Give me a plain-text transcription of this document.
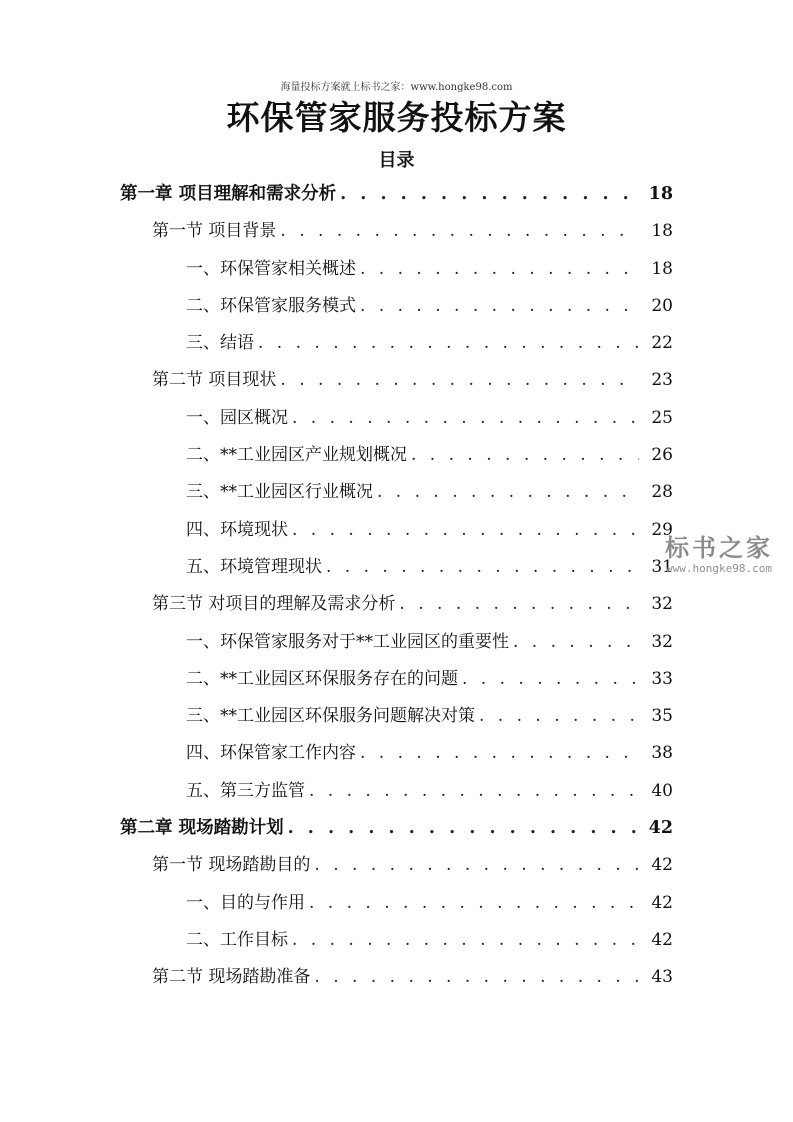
海量投标方案就上标书之家：www.hongke98.com
环保管家服务投标方案
目录
第一章 项目理解和需求分析 . . .	18
第一节 项目背景 . . .	18
一、环保管家相关概述 . . .	18
二、环保管家服务模式 . . .	20
三、结语 . . .	22
第二节 项目现状 . . .	23
一、园区概况 . . .	25
二、**工业园区产业规划概况 . . .	26
三、**工业园区行业概况 . . .	28
四、环境现状 . . .	29
五、环境管理现状 . . .	31
第三节 对项目的理解及需求分析 . . .	32
一、环保管家服务对于**工业园区的重要性 . . .	32
二、**工业园区环保服务存在的问题 . . .	33
三、**工业园区环保服务问题解决对策 . . .	35
四、环保管家工作内容 . . .	38
五、第三方监管 . . .	40
第二章 现场踏勘计划 . . .	42
第一节 现场踏勘目的 . . .	42
一、目的与作用 . . .	42
二、工作目标 . . .	42
第二节 现场踏勘准备 . . .	43
标书之家
www.hongke98.com
